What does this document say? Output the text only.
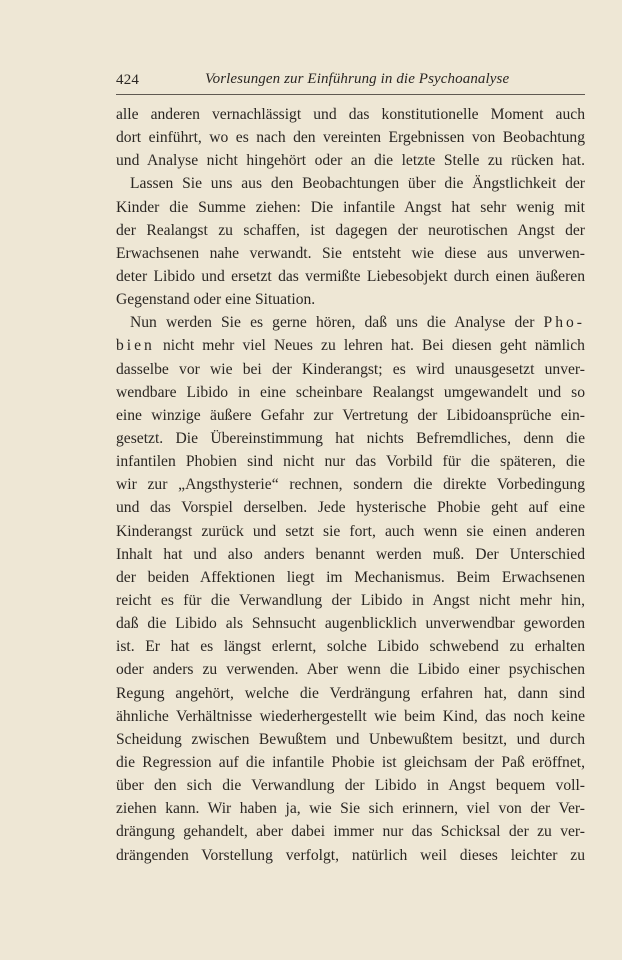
424	Vorlesungen zur Einführung in die Psychoanalyse
alle anderen vernachlässigt und das konstitutionelle Moment auch
dort einführt, wo es nach den vereinten Ergebnissen von Beobachtung
und Analyse nicht hingehört oder an die letzte Stelle zu rücken hat.
Lassen Sie uns aus den Beobachtungen über die Ängstlichkeit der
Kinder die Summe ziehen: Die infantile Angst hat sehr wenig mit
der Realangst zu schaffen, ist dagegen der neurotischen Angst der
Erwachsenen nahe verwandt. Sie entsteht wie diese aus unverwen-
deter Libido und ersetzt das vermißte Liebesobjekt durch einen äußeren
Gegenstand oder eine Situation.
Nun werden Sie es gerne hören, daß uns die Analyse der Pho-
bien nicht mehr viel Neues zu lehren hat. Bei diesen geht nämlich
dasselbe vor wie bei der Kinderangst; es wird unausgesetzt unver-
wendbare Libido in eine scheinbare Realangst umgewandelt und so
eine winzige äußere Gefahr zur Vertretung der Libidoansprüche ein-
gesetzt. Die Übereinstimmung hat nichts Befremdliches, denn die
infantilen Phobien sind nicht nur das Vorbild für die späteren, die
wir zur „Angsthysterie“ rechnen, sondern die direkte Vorbedingung
und das Vorspiel derselben. Jede hysterische Phobie geht auf eine
Kinderangst zurück und setzt sie fort, auch wenn sie einen anderen
Inhalt hat und also anders benannt werden muß. Der Unterschied
der beiden Affektionen liegt im Mechanismus. Beim Erwachsenen
reicht es für die Verwandlung der Libido in Angst nicht mehr hin,
daß die Libido als Sehnsucht augenblicklich unverwendbar geworden
ist. Er hat es längst erlernt, solche Libido schwebend zu erhalten
oder anders zu verwenden. Aber wenn die Libido einer psychischen
Regung angehört, welche die Verdrängung erfahren hat, dann sind
ähnliche Verhältnisse wiederhergestellt wie beim Kind, das noch keine
Scheidung zwischen Bewußtem und Unbewußtem besitzt, und durch
die Regression auf die infantile Phobie ist gleichsam der Paß eröffnet,
über den sich die Verwandlung der Libido in Angst bequem voll-
ziehen kann. Wir haben ja, wie Sie sich erinnern, viel von der Ver-
drängung gehandelt, aber dabei immer nur das Schicksal der zu ver-
drängenden Vorstellung verfolgt, natürlich weil dieses leichter zu
